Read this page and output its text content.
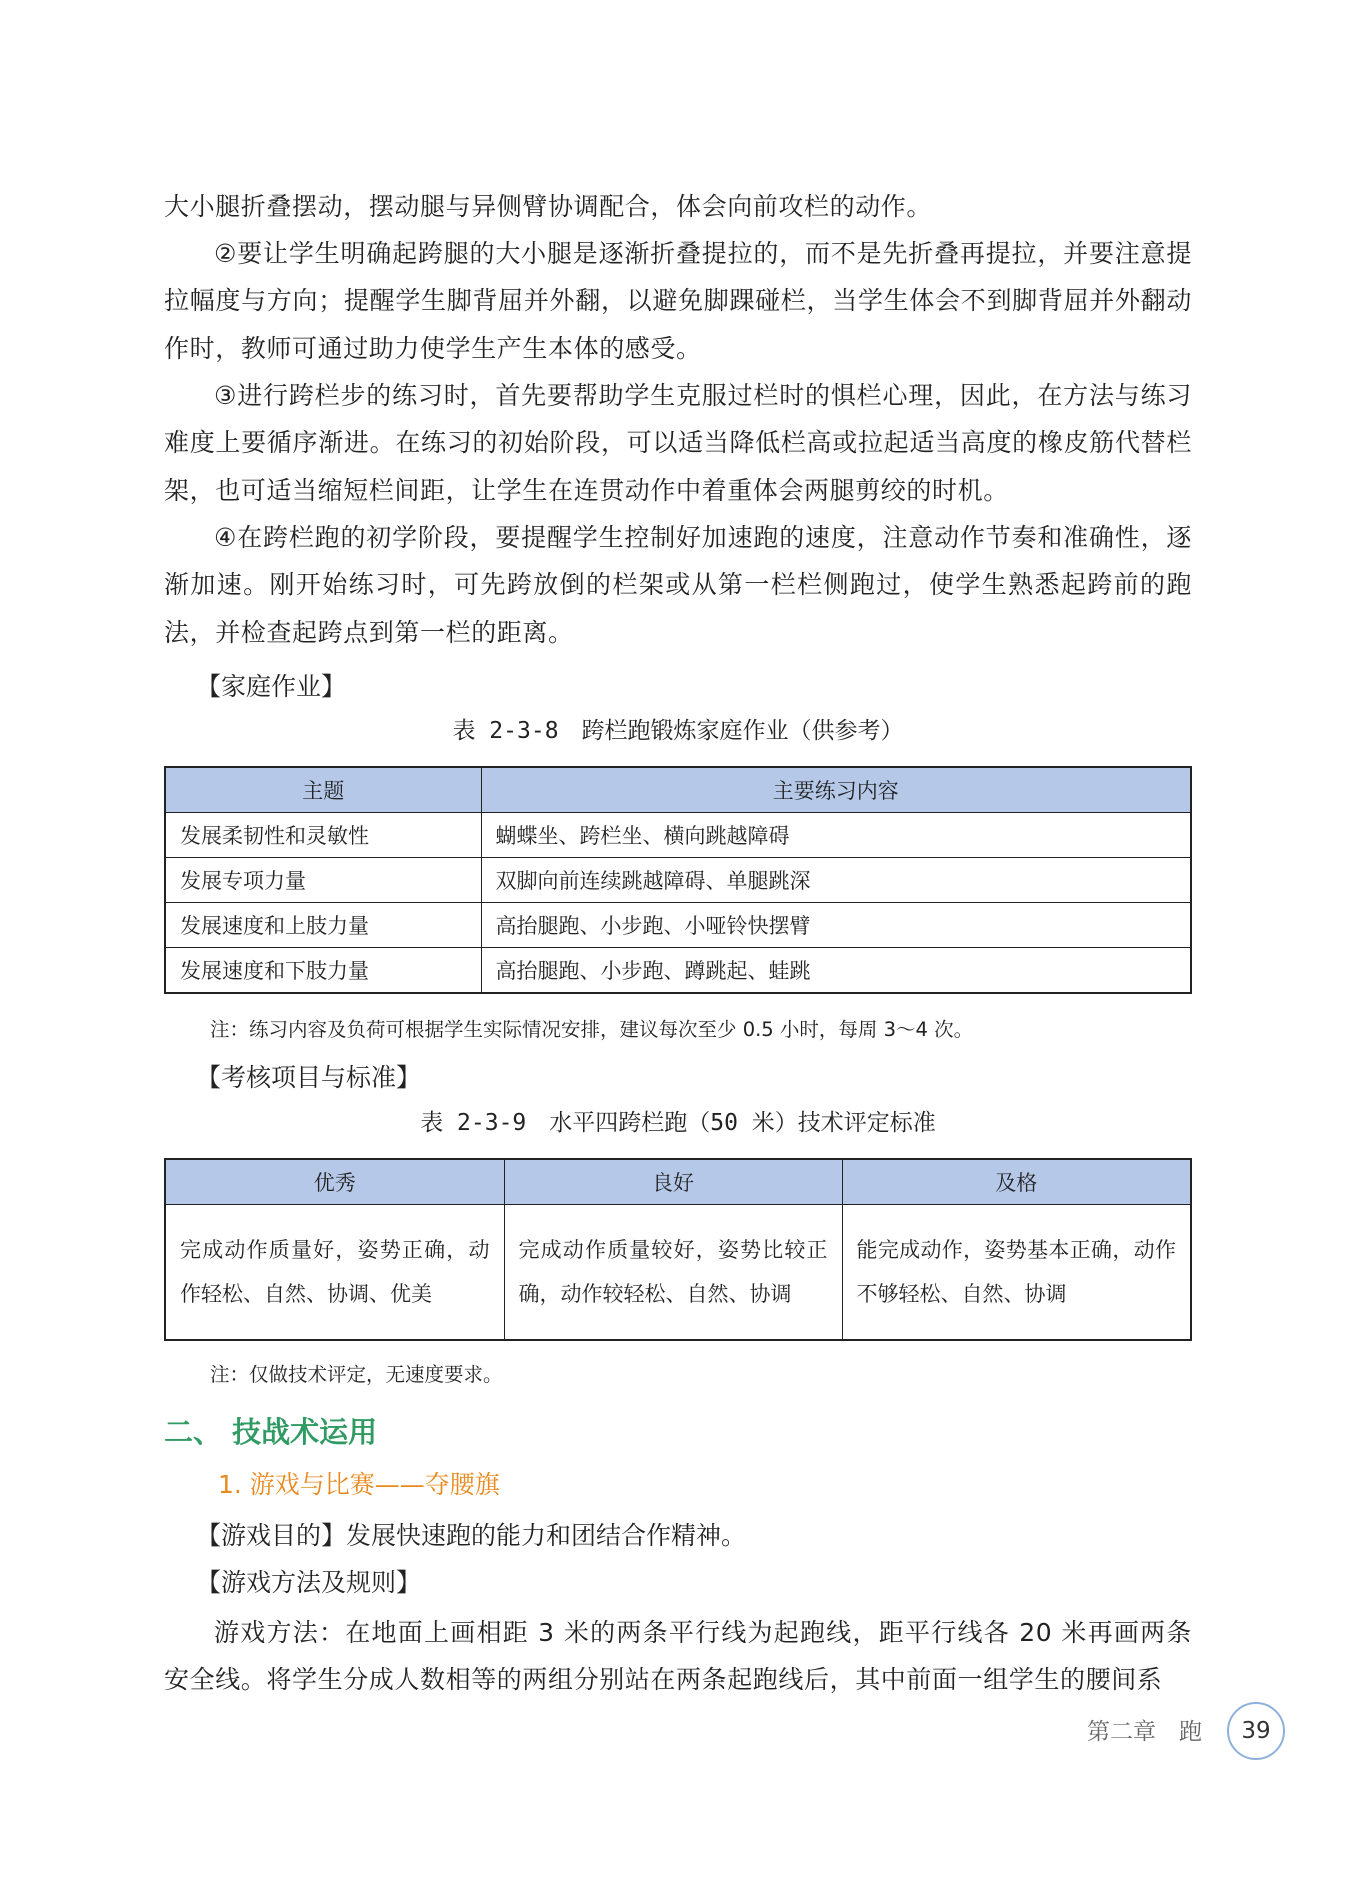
大小腿折叠摆动，摆动腿与异侧臂协调配合，体会向前攻栏的动作。

②要让学生明确起跨腿的大小腿是逐渐折叠提拉的，而不是先折叠再提拉，并要注意提拉幅度与方向；提醒学生脚背屈并外翻，以避免脚踝碰栏，当学生体会不到脚背屈并外翻动作时，教师可通过助力使学生产生本体的感受。

③进行跨栏步的练习时，首先要帮助学生克服过栏时的惧栏心理，因此，在方法与练习难度上要循序渐进。在练习的初始阶段，可以适当降低栏高或拉起适当高度的橡皮筋代替栏架，也可适当缩短栏间距，让学生在连贯动作中着重体会两腿剪绞的时机。

④在跨栏跑的初学阶段，要提醒学生控制好加速跑的速度，注意动作节奏和准确性，逐渐加速。刚开始练习时，可先跨放倒的栏架或从第一栏栏侧跑过，使学生熟悉起跨前的跑法，并检查起跨点到第一栏的距离。

【家庭作业】

表 2-3-8　跨栏跑锻炼家庭作业（供参考）

主题	主要练习内容
发展柔韧性和灵敏性	蝴蝶坐、跨栏坐、横向跳越障碍
发展专项力量	双脚向前连续跳越障碍、单腿跳深
发展速度和上肢力量	高抬腿跑、小步跑、小哑铃快摆臂
发展速度和下肢力量	高抬腿跑、小步跑、蹲跳起、蛙跳

注：练习内容及负荷可根据学生实际情况安排，建议每次至少 0.5 小时，每周 3～4 次。

【考核项目与标准】

表 2-3-9　水平四跨栏跑（50 米）技术评定标准

优秀	良好	及格
完成动作质量好，姿势正确，动作轻松、自然、协调、优美	完成动作质量较好，姿势比较正确，动作较轻松、自然、协调	能完成动作，姿势基本正确，动作不够轻松、自然、协调

注：仅做技术评定，无速度要求。

二、 技战术运用

1. 游戏与比赛——夺腰旗

【游戏目的】发展快速跑的能力和团结合作精神。

【游戏方法及规则】

游戏方法：在地面上画相距 3 米的两条平行线为起跑线，距平行线各 20 米再画两条安全线。将学生分成人数相等的两组分别站在两条起跑线后，其中前面一组学生的腰间系

第二章　跑	39
